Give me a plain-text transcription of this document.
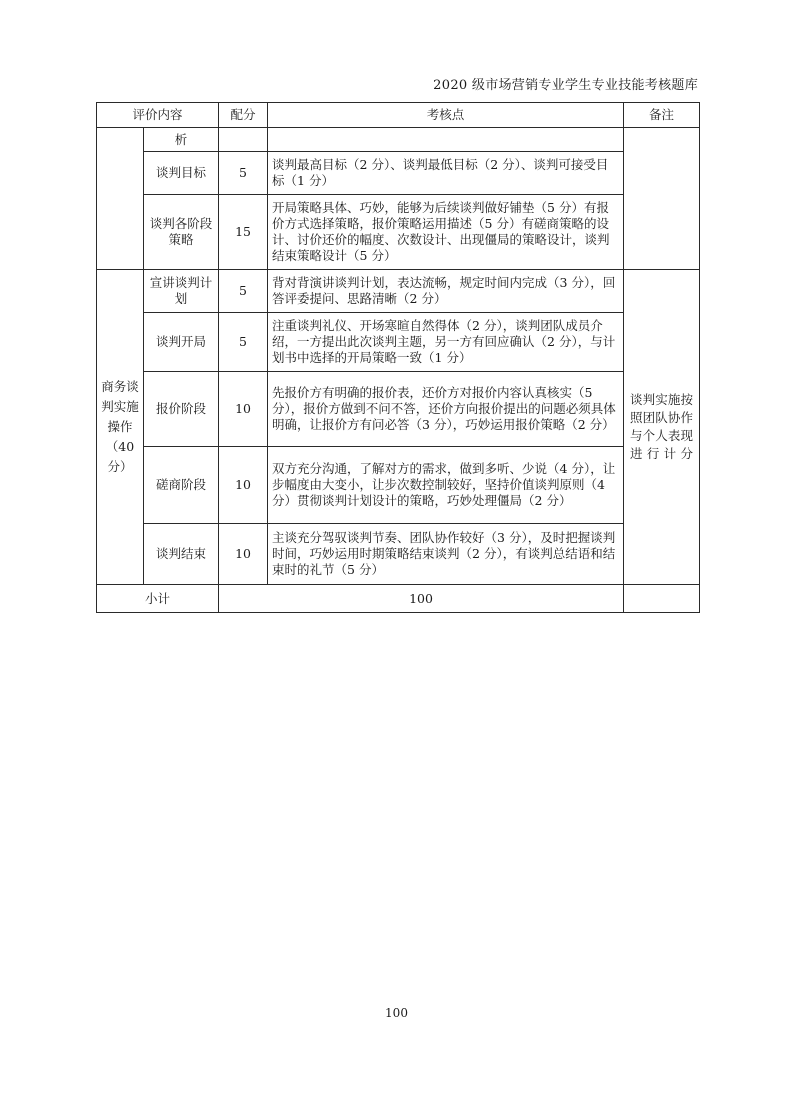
2020 级市场营销专业学生专业技能考核题库
评价内容		配分	考核点	备注
	析			
	谈判目标	5	谈判最高目标（2 分）、谈判最低目标（2 分）、谈判可接受目标（1 分）	
	谈判各阶段策略	15	开局策略具体、巧妙，能够为后续谈判做好铺垫（5 分）有报价方式选择策略，报价策略运用描述（5 分）有磋商策略的设计、讨价还价的幅度、次数设计、出现僵局的策略设计，谈判结束策略设计（5 分）	
商务谈判实施操作（40分）	宣讲谈判计划	5	背对背演讲谈判计划，表达流畅，规定时间内完成（3 分），回答评委提问、思路清晰（2 分）	谈判实施按照团队协作与个人表现进行计分
	谈判开局	5	注重谈判礼仪、开场寒暄自然得体（2 分），谈判团队成员介绍，一方提出此次谈判主题，另一方有回应确认（2 分），与计划书中选择的开局策略一致（1 分）	
	报价阶段	10	先报价方有明确的报价表，还价方对报价内容认真核实（5分），报价方做到不问不答，还价方向报价提出的问题必须具体明确，让报价方有问必答（3 分），巧妙运用报价策略（2 分）	
	磋商阶段	10	双方充分沟通，了解对方的需求，做到多听、少说（4 分），让步幅度由大变小，让步次数控制较好，坚持价值谈判原则（4 分）贯彻谈判计划设计的策略，巧妙处理僵局（2 分）	
	谈判结束	10	主谈充分驾驭谈判节奏、团队协作较好（3 分），及时把握谈判时间，巧妙运用时期策略结束谈判（2 分），有谈判总结语和结束时的礼节（5 分）	
小计		100		
100
